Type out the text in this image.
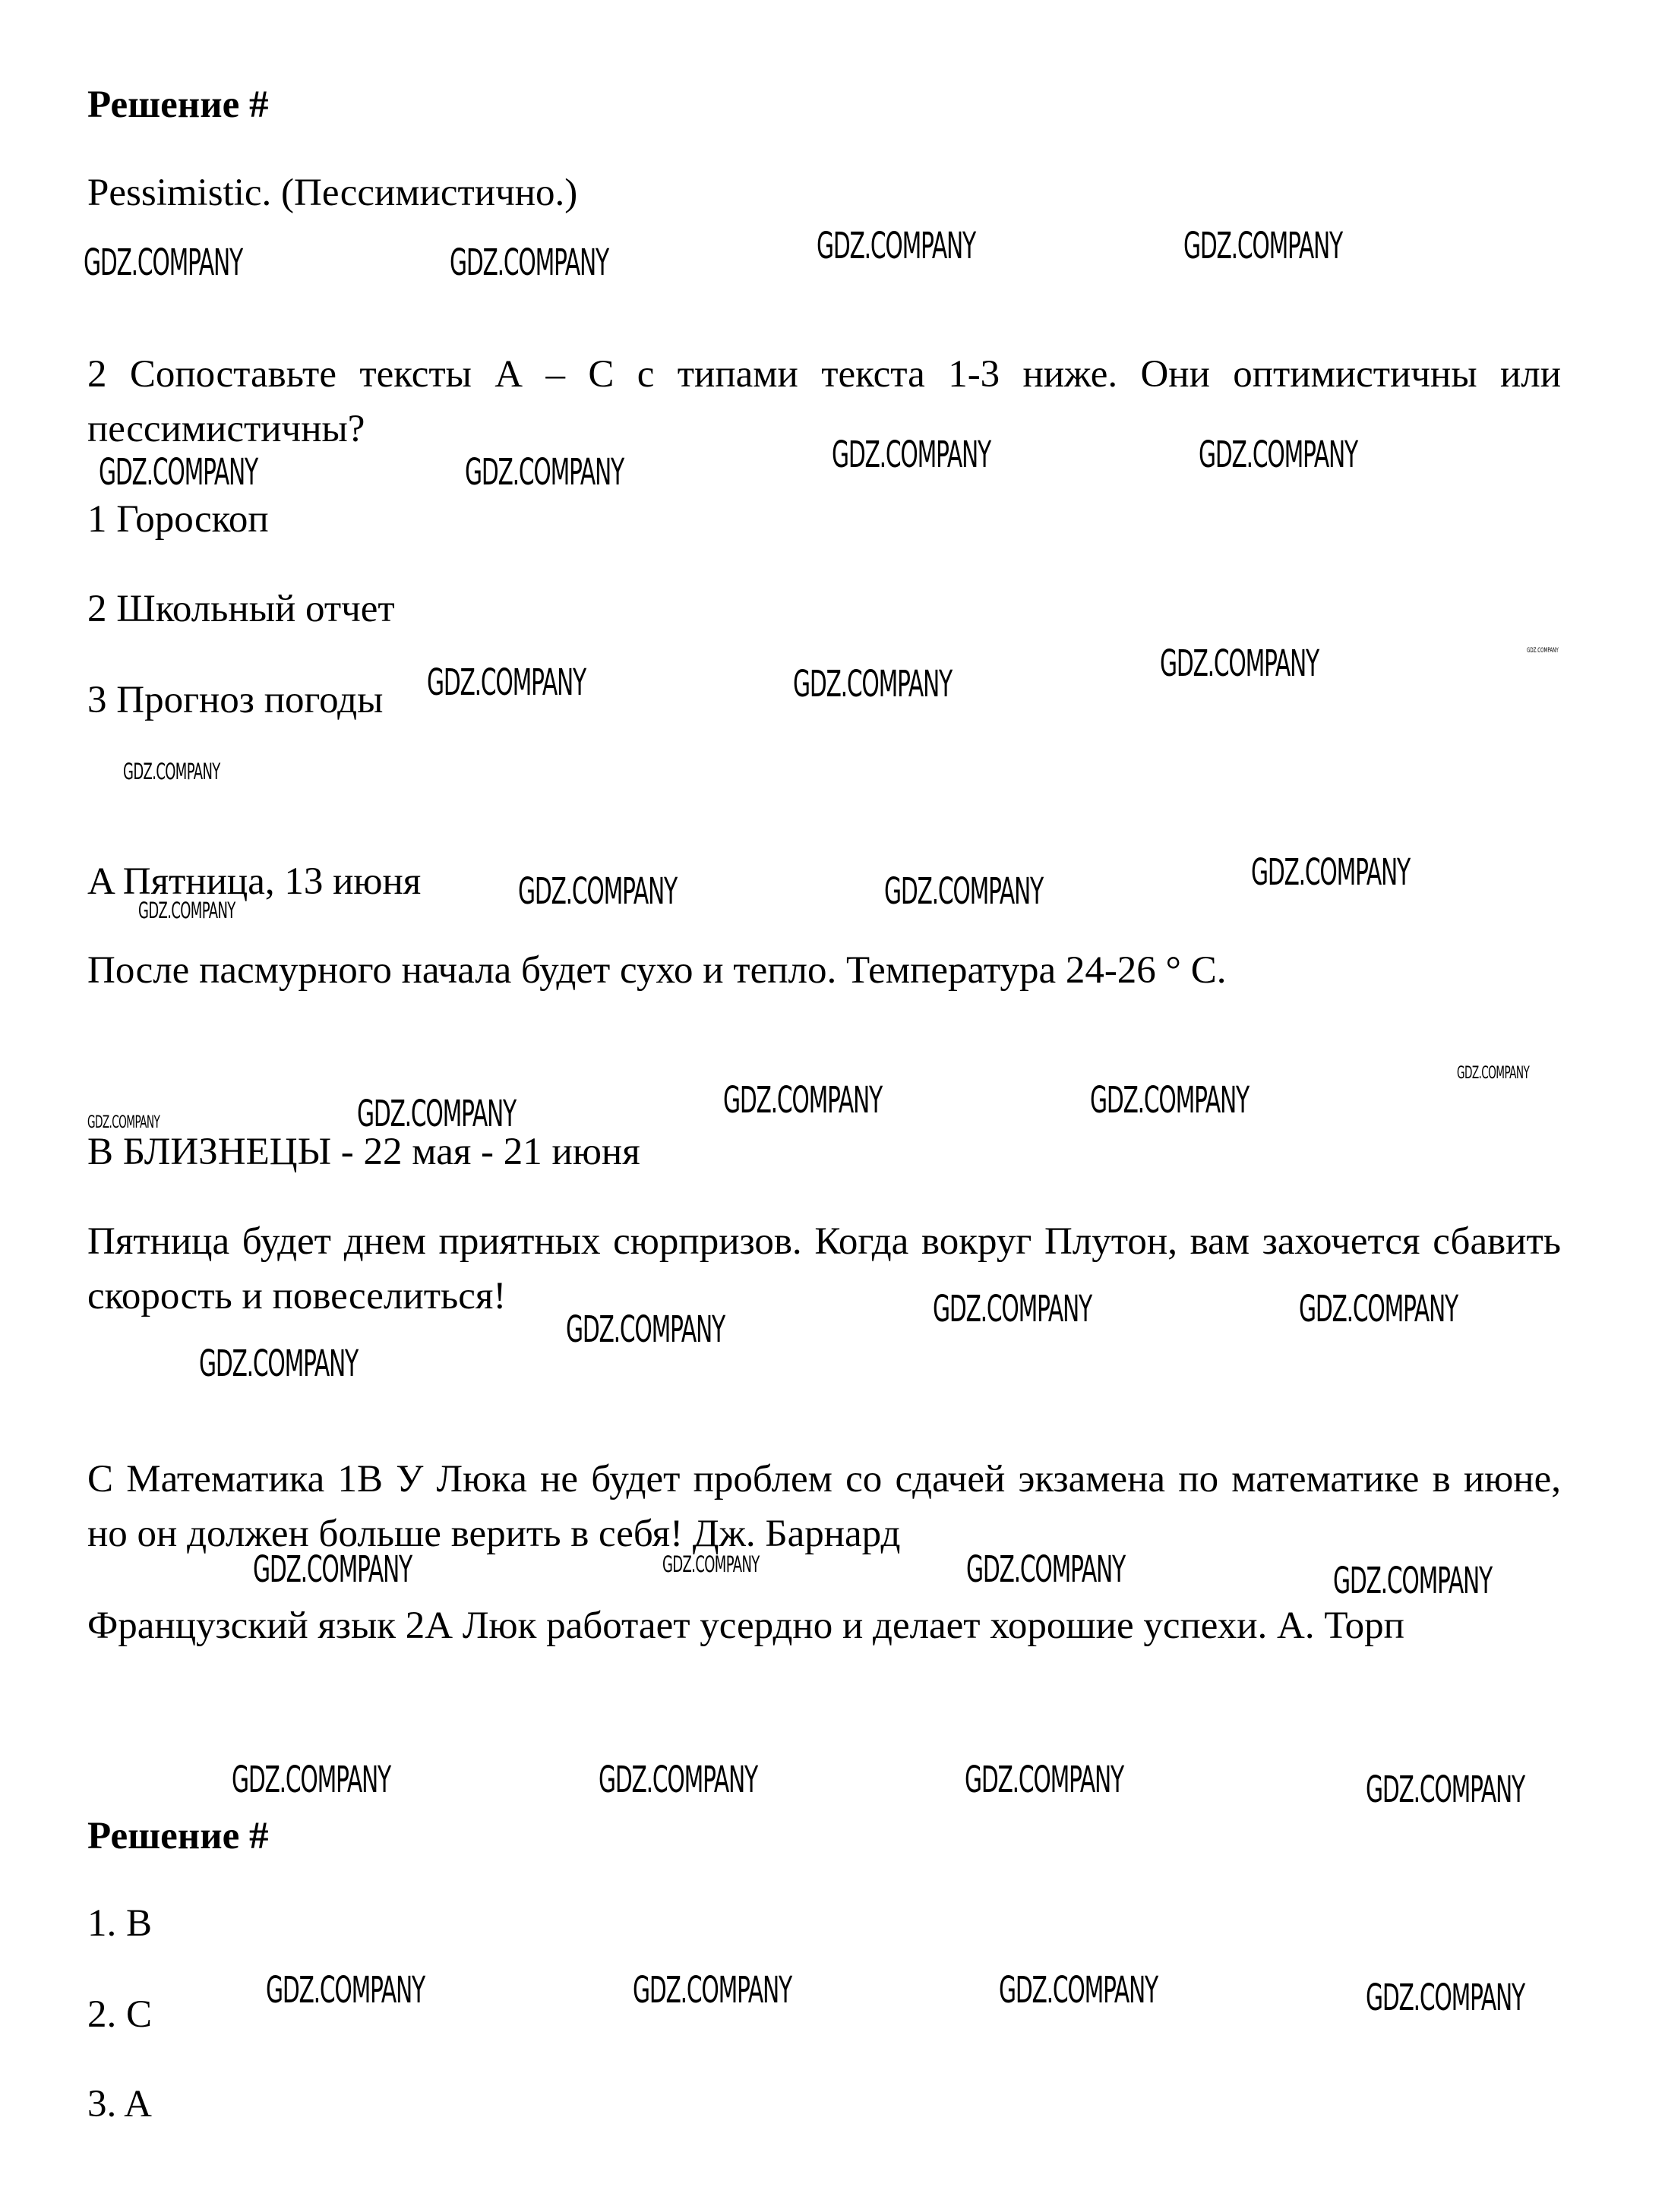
Решение #
Pessimistic. (Пессимистично.)
2 Сопоставьте тексты А – С с типами текста 1-3 ниже. Они оптимистичны или пессимистичны?
1 Гороскоп
2 Школьный отчет
3 Прогноз погоды
A Пятница, 13 июня
После пасмурного начала будет сухо и тепло. Температура 24-26 ° С.
В БЛИЗНЕЦЫ - 22 мая - 21 июня
Пятница будет днем приятных сюрпризов. Когда вокруг Плутон, вам захочется сбавить скорость и повеселиться!
С Математика 1В У Люка не будет проблем со сдачей экзамена по математике в июне, но он должен больше верить в себя! Дж. Барнард
Французский язык 2А Люк работает усердно и делает хорошие успехи. А. Торп
Решение #
1. B
2. C
3. A
GDZ.COMPANY	GDZ.COMPANY	GDZ.COMPANY	GDZ.COMPANY
GDZ.COMPANY	GDZ.COMPANY	GDZ.COMPANY	GDZ.COMPANY
GDZ.COMPANY	GDZ.COMPANY	GDZ.COMPANY	GDZ.COMPANY
GDZ.COMPANY
GDZ.COMPANY	GDZ.COMPANY	GDZ.COMPANY	GDZ.COMPANY
GDZ.COMPANY
GDZ.COMPANY	GDZ.COMPANY	GDZ.COMPANY	GDZ.COMPANY
GDZ.COMPANY	GDZ.COMPANY	GDZ.COMPANY
GDZ.COMPANY
GDZ.COMPANY	GDZ.COMPANY	GDZ.COMPANY	GDZ.COMPANY
GDZ.COMPANY	GDZ.COMPANY	GDZ.COMPANY	GDZ.COMPANY
GDZ.COMPANY	GDZ.COMPANY	GDZ.COMPANY	GDZ.COMPANY
